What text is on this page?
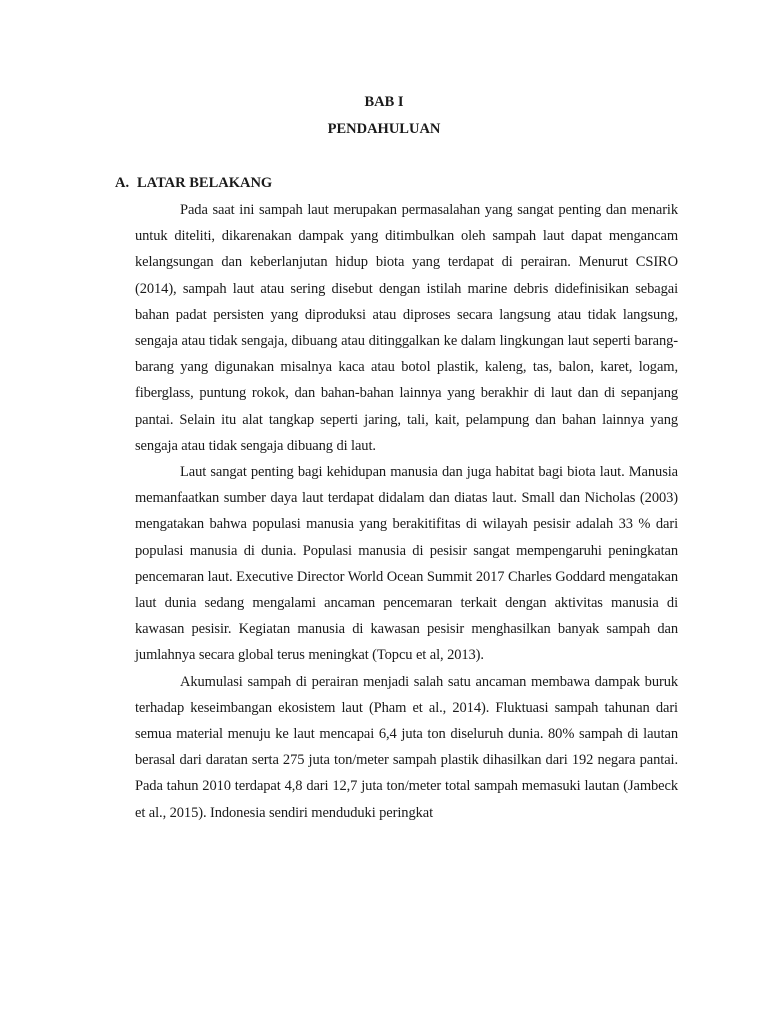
BAB I
PENDAHULUAN
A. LATAR BELAKANG

Pada saat ini sampah laut merupakan permasalahan yang sangat penting dan menarik untuk diteliti, dikarenakan dampak yang ditimbulkan oleh sampah laut dapat mengancam kelangsungan dan keberlanjutan hidup biota yang terdapat di perairan. Menurut CSIRO (2014), sampah laut atau sering disebut dengan istilah marine debris didefinisikan sebagai bahan padat persisten yang diproduksi atau diproses secara langsung atau tidak langsung, sengaja atau tidak sengaja, dibuang atau ditinggalkan ke dalam lingkungan laut seperti barang-barang yang digunakan misalnya kaca atau botol plastik, kaleng, tas, balon, karet, logam, fiberglass, puntung rokok, dan bahan-bahan lainnya yang berakhir di laut dan di sepanjang pantai. Selain itu alat tangkap seperti jaring, tali, kait, pelampung dan bahan lainnya yang sengaja atau tidak sengaja dibuang di laut.

Laut sangat penting bagi kehidupan manusia dan juga habitat bagi biota laut. Manusia memanfaatkan sumber daya laut terdapat didalam dan diatas laut. Small dan Nicholas (2003) mengatakan bahwa populasi manusia yang berakitifitas di wilayah pesisir adalah 33 % dari populasi manusia di dunia. Populasi manusia di pesisir sangat mempengaruhi peningkatan pencemaran laut. Executive Director World Ocean Summit 2017 Charles Goddard mengatakan laut dunia sedang mengalami ancaman pencemaran terkait dengan aktivitas manusia di kawasan pesisir. Kegiatan manusia di kawasan pesisir menghasilkan banyak sampah dan jumlahnya secara global terus meningkat (Topcu et al, 2013).

Akumulasi sampah di perairan menjadi salah satu ancaman membawa dampak buruk terhadap keseimbangan ekosistem laut (Pham et al., 2014). Fluktuasi sampah tahunan dari semua material menuju ke laut mencapai 6,4 juta ton diseluruh dunia. 80% sampah di lautan berasal dari daratan serta 275 juta ton/meter sampah plastik dihasilkan dari 192 negara pantai. Pada tahun 2010 terdapat 4,8 dari 12,7 juta ton/meter total sampah memasuki lautan (Jambeck et al., 2015). Indonesia sendiri menduduki peringkat
